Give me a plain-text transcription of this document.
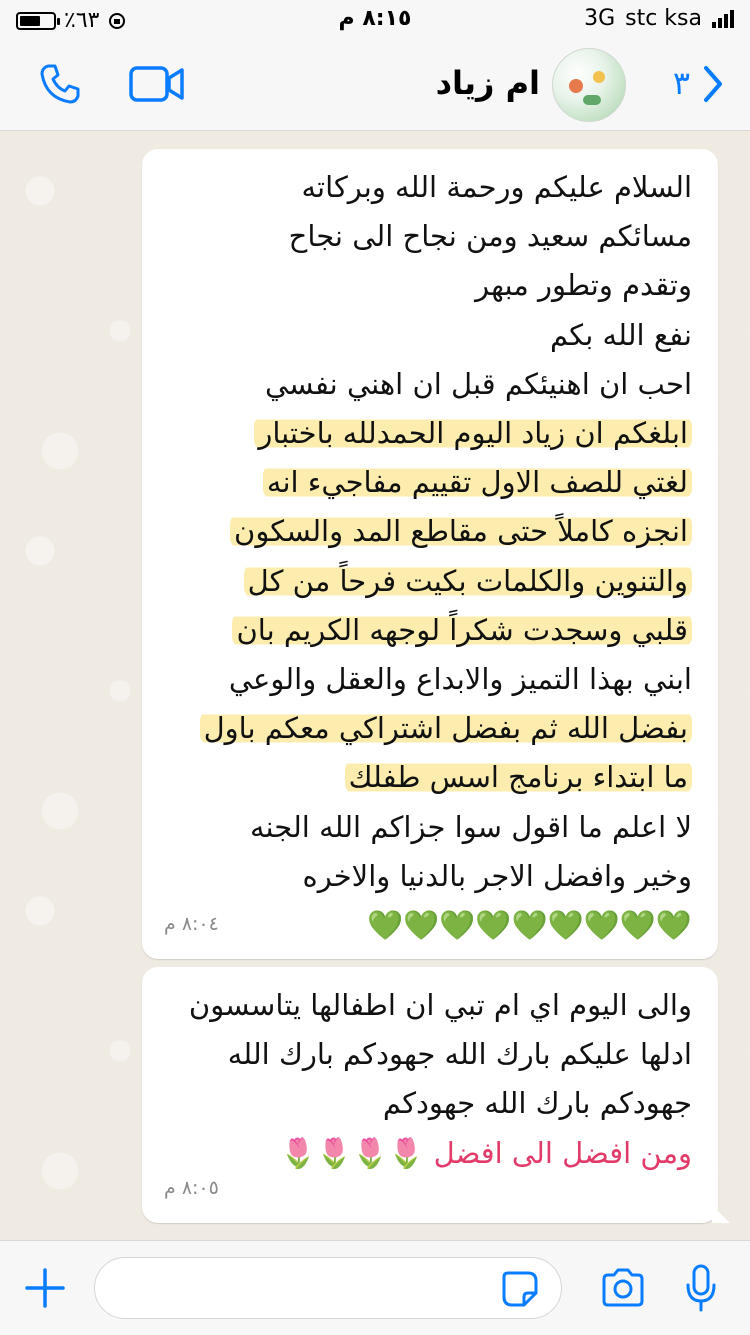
٪٦٣	٨:١٥ م	3G stc ksa
ام زياد	٣
السلام عليكم ورحمة الله وبركاته
مسائكم سعيد ومن نجاح الى نجاح
وتقدم وتطور مبهر
نفع الله بكم
احب ان اهنيئكم قبل ان اهني نفسي
ابلغكم ان زياد اليوم الحمدلله باختبار
لغتي للصف الاول تقييم مفاجيء انه
انجزه كاملاً حتى مقاطع المد والسكون
والتنوين والكلمات بكيت فرحاً من كل
قلبي وسجدت شكراً لوجهه الكريم بان
ابني بهذا التميز والابداع والعقل والوعي
بفضل الله ثم بفضل اشتراكي معكم باول
ما ابتداء برنامج اسس طفلك
لا اعلم ما اقول سوا جزاكم الله الجنه
وخير وافضل الاجر بالدنيا والاخره
💚💚💚💚💚💚💚💚💚
٨:٠٤ م
والى اليوم اي ام تبي ان اطفالها يتاسسون
ادلها عليكم بارك الله جهودكم بارك الله
جهودكم بارك الله جهودكم
ومن افضل الى افضل 🌷🌷🌷🌷
٨:٠٥ م
